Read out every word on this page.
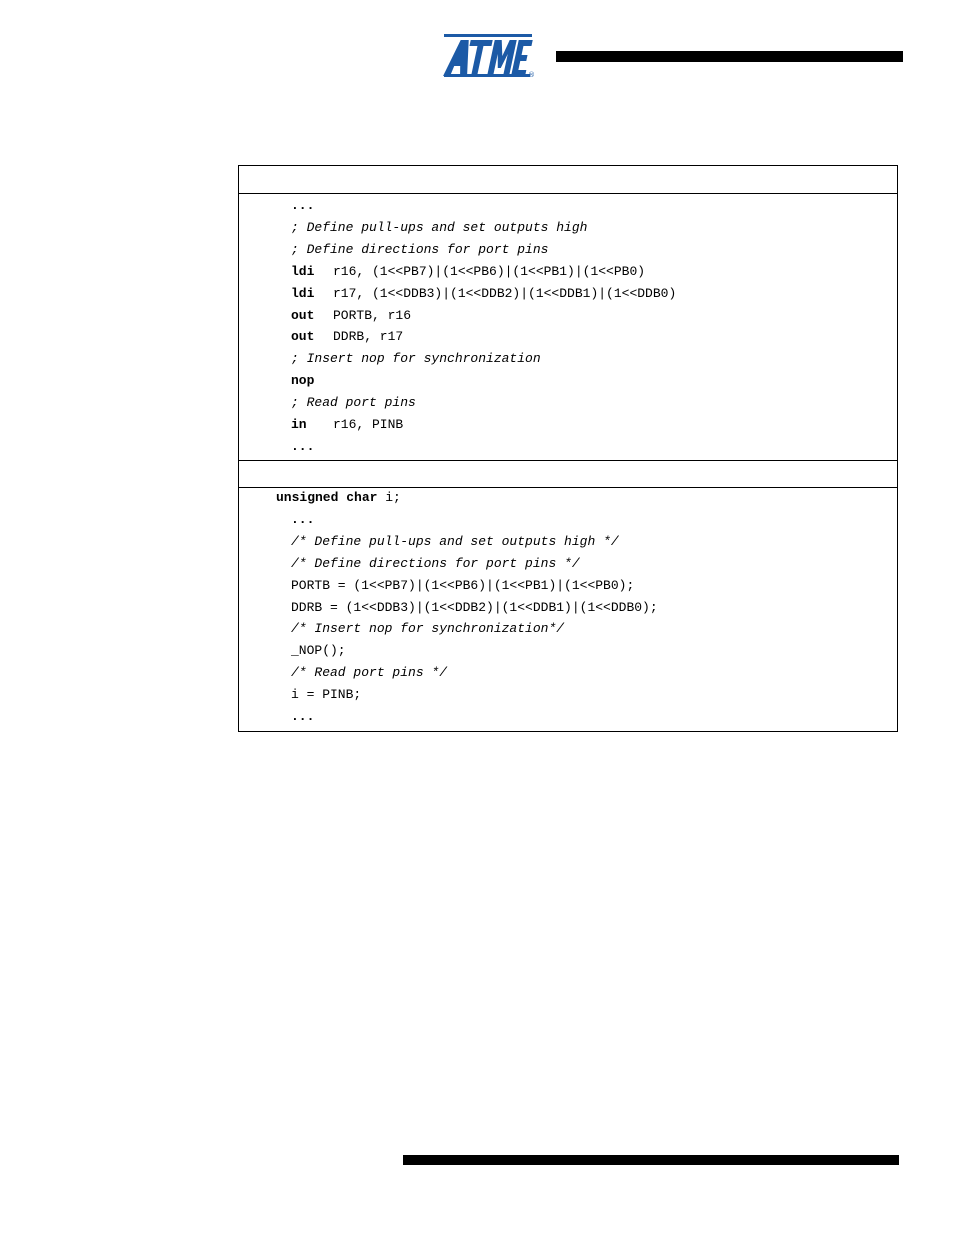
®
...
; Define pull-ups and set outputs high
; Define directions for port pins
ldi r16, (1<<PB7)|(1<<PB6)|(1<<PB1)|(1<<PB0)
ldi r17, (1<<DDB3)|(1<<DDB2)|(1<<DDB1)|(1<<DDB0)
out PORTB, r16
out DDRB, r17
; Insert nop for synchronization
nop
; Read port pins
in r16, PINB
...
unsigned char i;
...
/* Define pull-ups and set outputs high */
/* Define directions for port pins */
PORTB = (1<<PB7)|(1<<PB6)|(1<<PB1)|(1<<PB0);
DDRB = (1<<DDB3)|(1<<DDB2)|(1<<DDB1)|(1<<DDB0);
/* Insert nop for synchronization*/
_NOP();
/* Read port pins */
i = PINB;
...
